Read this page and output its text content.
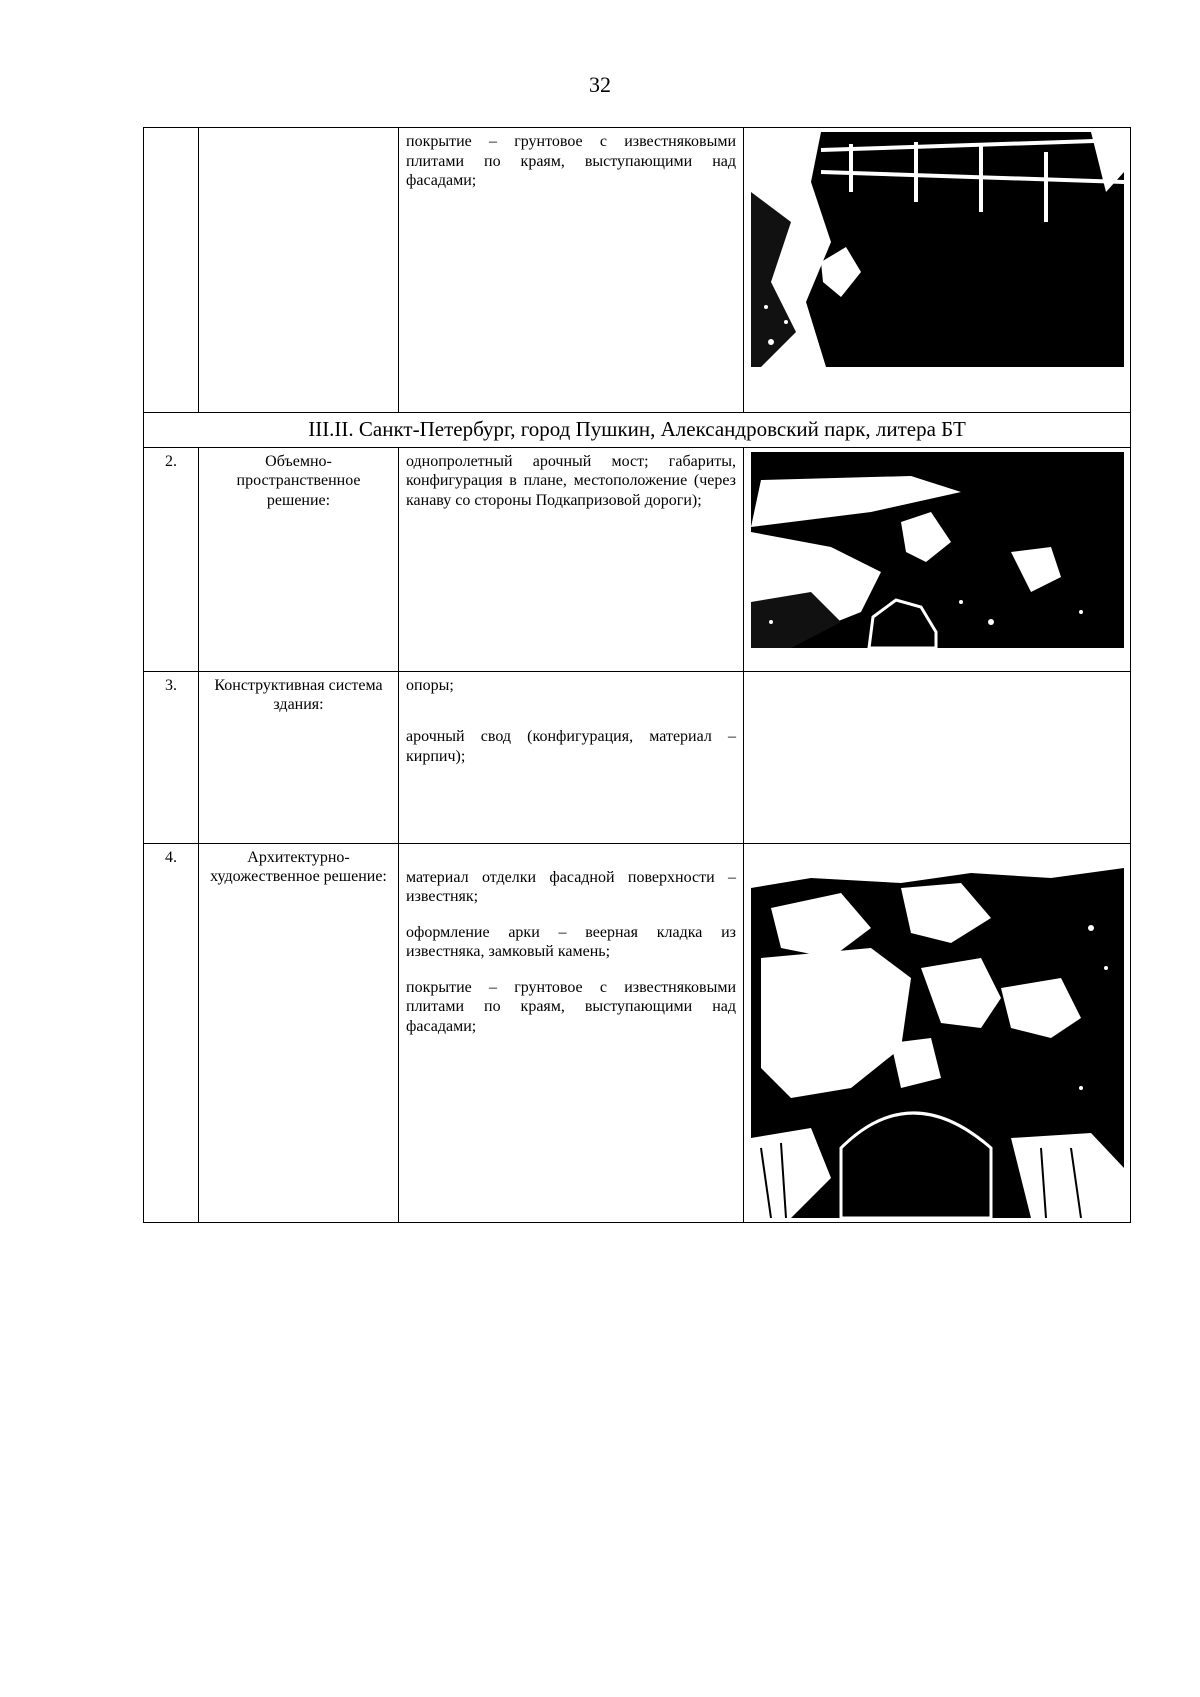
32

		покрытие – грунтовое с известняковыми плитами по краям, выступающими над фасадами;

III.II. Санкт-Петербург, город Пушкин, Александровский парк, литера БТ			
2.	Объемно-пространственное решение:	однопролетный арочный мост; габариты, конфигурация в плане, местоположение (через канаву со стороны Подкапризовой дороги);

3.	Конструктивная система здания:	опоры;

арочный свод (конфигурация, материал – кирпич);	

4.	Архитектурно-художественное решение:	материал отделки фасадной поверхности – известняк;

оформление арки – веерная кладка из известняка, замковый камень;

покрытие – грунтовое с известняковыми плитами по краям, выступающими над фасадами;
